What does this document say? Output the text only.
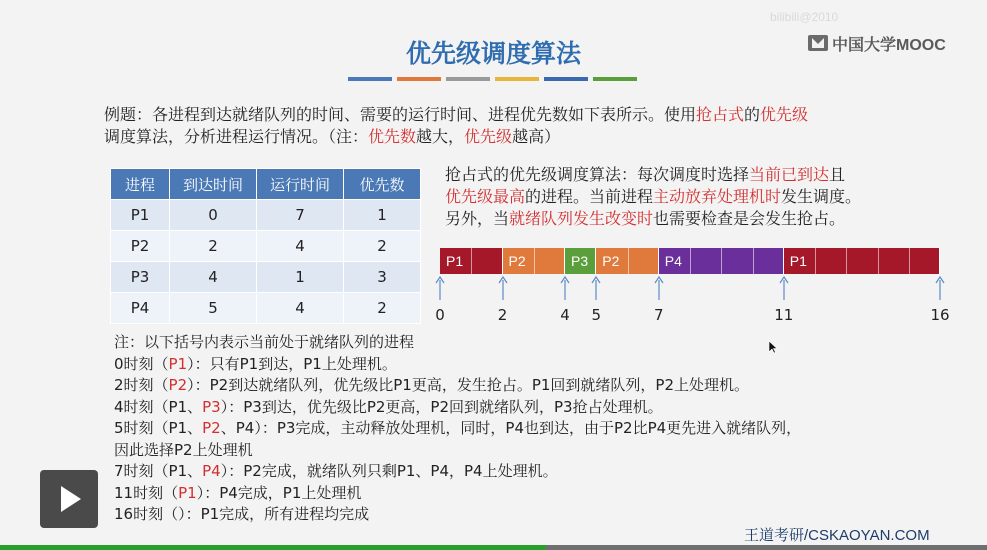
bilibili@2010
中国大学MOOC
优先级调度算法
例题：各进程到达就绪队列的时间、需要的运行时间、进程优先数如下表所示。使用抢占式的优先级
调度算法，分析进程运行情况。（注：优先数越大，优先级越高）
进程	到达时间	运行时间	优先数
P1	0	7	1
P2	2	4	2
P3	4	1	3
P4	5	4	2
抢占式的优先级调度算法：每次调度时选择当前已到达且
优先级最高的进程。当前进程主动放弃处理机时发生调度。
另外，当就绪队列发生改变时也需要检查是会发生抢占。
P1	P2	P3 P2	P4	P1
0	2	4	5	7	11	16
注：以下括号内表示当前处于就绪队列的进程
0时刻（P1）：只有P1到达，P1上处理机。
2时刻（P2）：P2到达就绪队列，优先级比P1更高，发生抢占。P1回到就绪队列，P2上处理机。
4时刻（P1、P3）：P3到达，优先级比P2更高，P2回到就绪队列，P3抢占处理机。
5时刻（P1、P2、P4）：P3完成，主动释放处理机，同时，P4也到达，由于P2比P4更先进入就绪队列，
因此选择P2上处理机
7时刻（P1、P4）：P2完成，就绪队列只剩P1、P4，P4上处理机。
11时刻（P1）：P4完成，P1上处理机
16时刻（）：P1完成，所有进程均完成
王道考研/CSKAOYAN.COM
